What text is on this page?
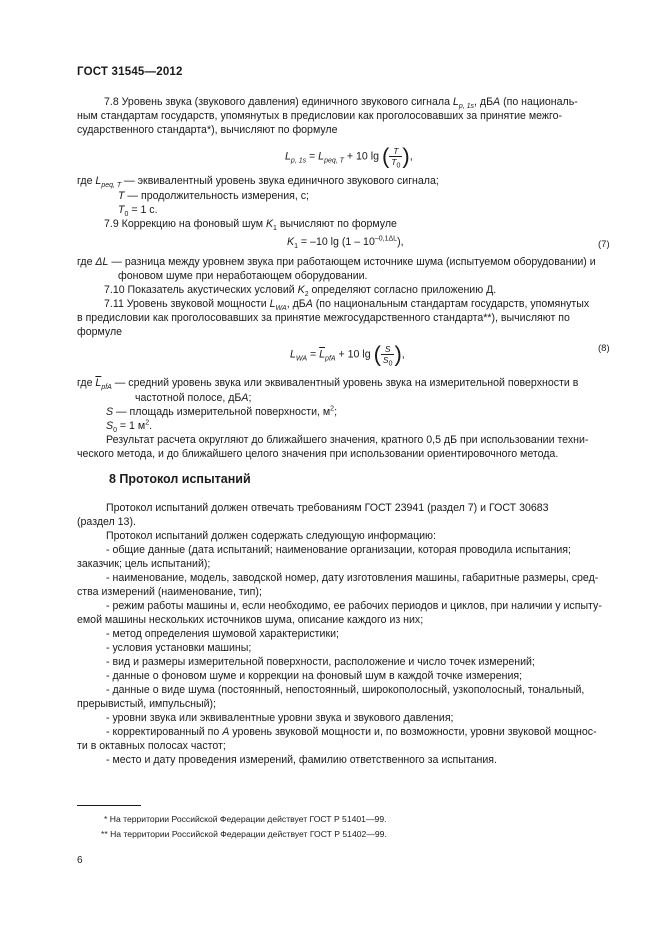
ГОСТ 31545—2012
7.8 Уровень звука (звукового давления) единичного звукового сигнала $L_{p, 1s}$, дБA (по националь-
ным стандартам государств, упомянутых в предисловии как проголосовавших за принятие межго-
сударственного стандарта*), вычисляют по формуле
$L_{p, 1s} = L_{peq, T} + 10$ lg ( $\frac{T}{T_0}$ ),
где $L_{peq, T}$ — эквивалентный уровень звука единичного звукового сигнала;
T — продолжительность измерения, с;
$T_0 = 1$ с.
7.9 Коррекцию на фоновый шум $K_1$ вычисляют по формуле
$K_1 = -10$ $\lg (1 - 10^{-0,1\Delta L})$,	(7)
где ΔL — разница между уровнем звука при работающем источнике шума (испытуемом оборудовании) и
фоновом шуме при неработающем оборудовании.
7.10 Показатель акустических условий $K_2$ определяют согласно приложению Д.
7.11 Уровень звуковой мощности $L_{WA}$, дБA (по национальным стандартам государств, упомянутых
в предисловии как проголосовавших за принятие межгосударственного стандарта**), вычисляют по
формуле
$L_{WA} = \overline{L}_{pfA} + 10$ lg ( $\frac{S}{S_0}$ ),	(8)
где $\overline{L}_{pfA}$ — средний уровень звука или эквивалентный уровень звука на измерительной поверхности в
частотной полосе, дБA;
S — площадь измерительной поверхности, $м^2$;
$S_0 = 1$ $м^2$.
Результат расчета округляют до ближайшего значения, кратного 0,5 дБ при использовании техни-
ческого метода, и до ближайшего целого значения при использовании ориентировочного метода.
8 Протокол испытаний
Протокол испытаний должен отвечать требованиям ГОСТ 23941 (раздел 7) и ГОСТ 30683
(раздел 13).
Протокол испытаний должен содержать следующую информацию:
- общие данные (дата испытаний; наименование организации, которая проводила испытания;
заказчик; цель испытаний);
- наименование, модель, заводской номер, дату изготовления машины, габаритные размеры, сред-
ства измерений (наименование, тип);
- режим работы машины и, если необходимо, ее рабочих периодов и циклов, при наличии у испыту-
емой машины нескольких источников шума, описание каждого из них;
- метод определения шумовой характеристики;
- условия установки машины;
- вид и размеры измерительной поверхности, расположение и число точек измерений;
- данные о фоновом шуме и коррекции на фоновый шум в каждой точке измерения;
- данные о виде шума (постоянный, непостоянный, широкополосный, узкополосный, тональный,
прерывистый, импульсный);
- уровни звука или эквивалентные уровни звука и звукового давления;
- корректированный по A уровень звуковой мощности и, по возможности, уровни звуковой мощнос-
ти в октавных полосах частот;
- место и дату проведения измерений, фамилию ответственного за испытания.
* На территории Российской Федерации действует ГОСТ Р 51401—99.
** На территории Российской Федерации действует ГОСТ Р 51402—99.
6
